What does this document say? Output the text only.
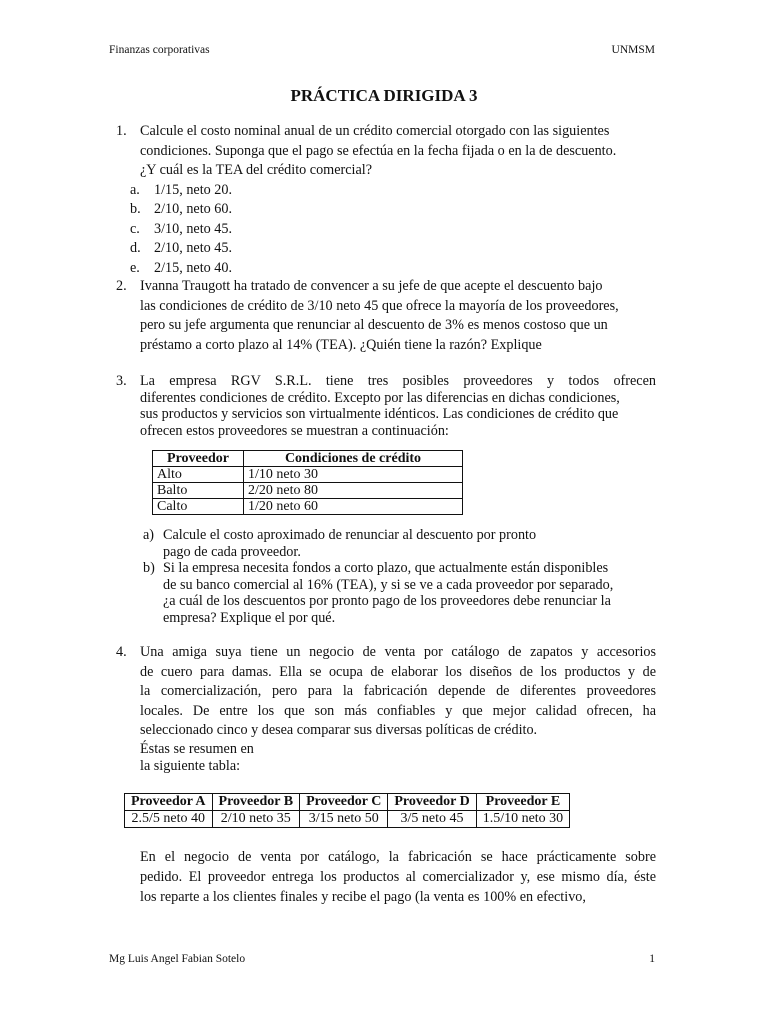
Finanzas corporativas	UNMSM
PRÁCTICA DIRIGIDA 3
1. Calcule el costo nominal anual de un crédito comercial otorgado con las siguientes
condiciones. Suponga que el pago se efectúa en la fecha fijada o en la de descuento.
¿Y cuál es la TEA del crédito comercial?
a. 1/15, neto 20.
b. 2/10, neto 60.
c. 3/10, neto 45.
d. 2/10, neto 45.
e. 2/15, neto 40.
2. Ivanna Traugott ha tratado de convencer a su jefe de que acepte el descuento bajo
las condiciones de crédito de 3/10 neto 45 que ofrece la mayoría de los proveedores,
pero su jefe argumenta que renunciar al descuento de 3% es menos costoso que un
préstamo a corto plazo al 14% (TEA). ¿Quién tiene la razón? Explique
3. La empresa RGV S.R.L. tiene tres posibles proveedores y todos ofrecen
diferentes condiciones de crédito. Excepto por las diferencias en dichas condiciones,
sus productos y servicios son virtualmente idénticos. Las condiciones de crédito que
ofrecen estos proveedores se muestran a continuación:
Proveedor	Condiciones de crédito
Alto	1/10 neto 30
Balto	2/20 neto 80
Calto	1/20 neto 60
a) Calcule el costo aproximado de renunciar al descuento por pronto
pago de cada proveedor.
b) Si la empresa necesita fondos a corto plazo, que actualmente están disponibles
de su banco comercial al 16% (TEA), y si se ve a cada proveedor por separado,
¿a cuál de los descuentos por pronto pago de los proveedores debe renunciar la
empresa? Explique el por qué.
4. Una amiga suya tiene un negocio de venta por catálogo de zapatos y accesorios
de cuero para damas. Ella se ocupa de elaborar los diseños de los productos y de
la comercialización, pero para la fabricación depende de diferentes proveedores
locales. De entre los que son más confiables y que mejor calidad ofrecen, ha
seleccionado cinco y desea comparar sus diversas políticas de crédito.
Éstas se resumen en
la siguiente tabla:
Proveedor A	Proveedor B	Proveedor C	Proveedor D	Proveedor E
2.5/5 neto 40	2/10 neto 35	3/15 neto 50	3/5 neto 45	1.5/10 neto 30
En el negocio de venta por catálogo, la fabricación se hace prácticamente sobre
pedido. El proveedor entrega los productos al comercializador y, ese mismo día, éste
los reparte a los clientes finales y recibe el pago (la venta es 100% en efectivo,
Mg Luis Angel Fabian Sotelo	1
